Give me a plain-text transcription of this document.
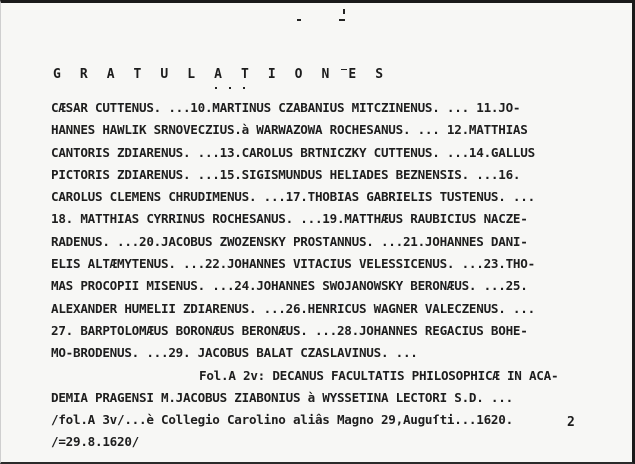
G R A T U L A T I O N E S
CÆSAR CUTTENUS. ...10.MARTINUS CZABANIUS MITCZINENUS. ... 11.JO-
HANNES HAWLIK SRNOVECZIUS.à WARWAZOWA ROCHESANUS. ... 12.MATTHIAS
CANTORIS ZDIARENUS. ...13.CAROLUS BRTNICZKY CUTTENUS. ...14.GALLUS
PICTORIS ZDIARENUS. ...15.SIGISMUNDUS HELIADES BEZNENSIS. ...16.
CAROLUS CLEMENS CHRUDIMENUS. ...17.THOBIAS GABRIELIS TUSTENUS. ...
18. MATTHIAS CYRRINUS ROCHESANUS. ...19.MATTHÆUS RAUBICIUS NACZE-
RADENUS. ...20.JACOBUS ZWOZENSKY PROSTANNUS. ...21.JOHANNES DANI-
ELIS ALTÆMYTENUS. ...22.JOHANNES VITACIUS VELESSICENUS. ...23.THO-
MAS PROCOPII MISENUS. ...24.JOHANNES SWOJANOWSKY BERONÆUS. ...25.
ALEXANDER HUMELII ZDIARENUS. ...26.HENRICUS WAGNER VALECZENUS. ...
27. BARPTOLOMÆUS BORONÆUS BERONÆUS. ...28.JOHANNES REGACIUS BOHE-
MO-BRODENUS. ...29. JACOBUS BALAT CZASLAVINUS. ...
Fol.A 2v: DECANUS FACULTATIS PHILOSOPHICÆ IN ACA-
DEMIA PRAGENSI M.JACOBUS ZIABONIUS à WYSSETINA LECTORI S.D. ...
/fol.A 3v/...è Collegio Carolino aliâs Magno 29,Auguſti...1620.
/=29.8.1620/
2
